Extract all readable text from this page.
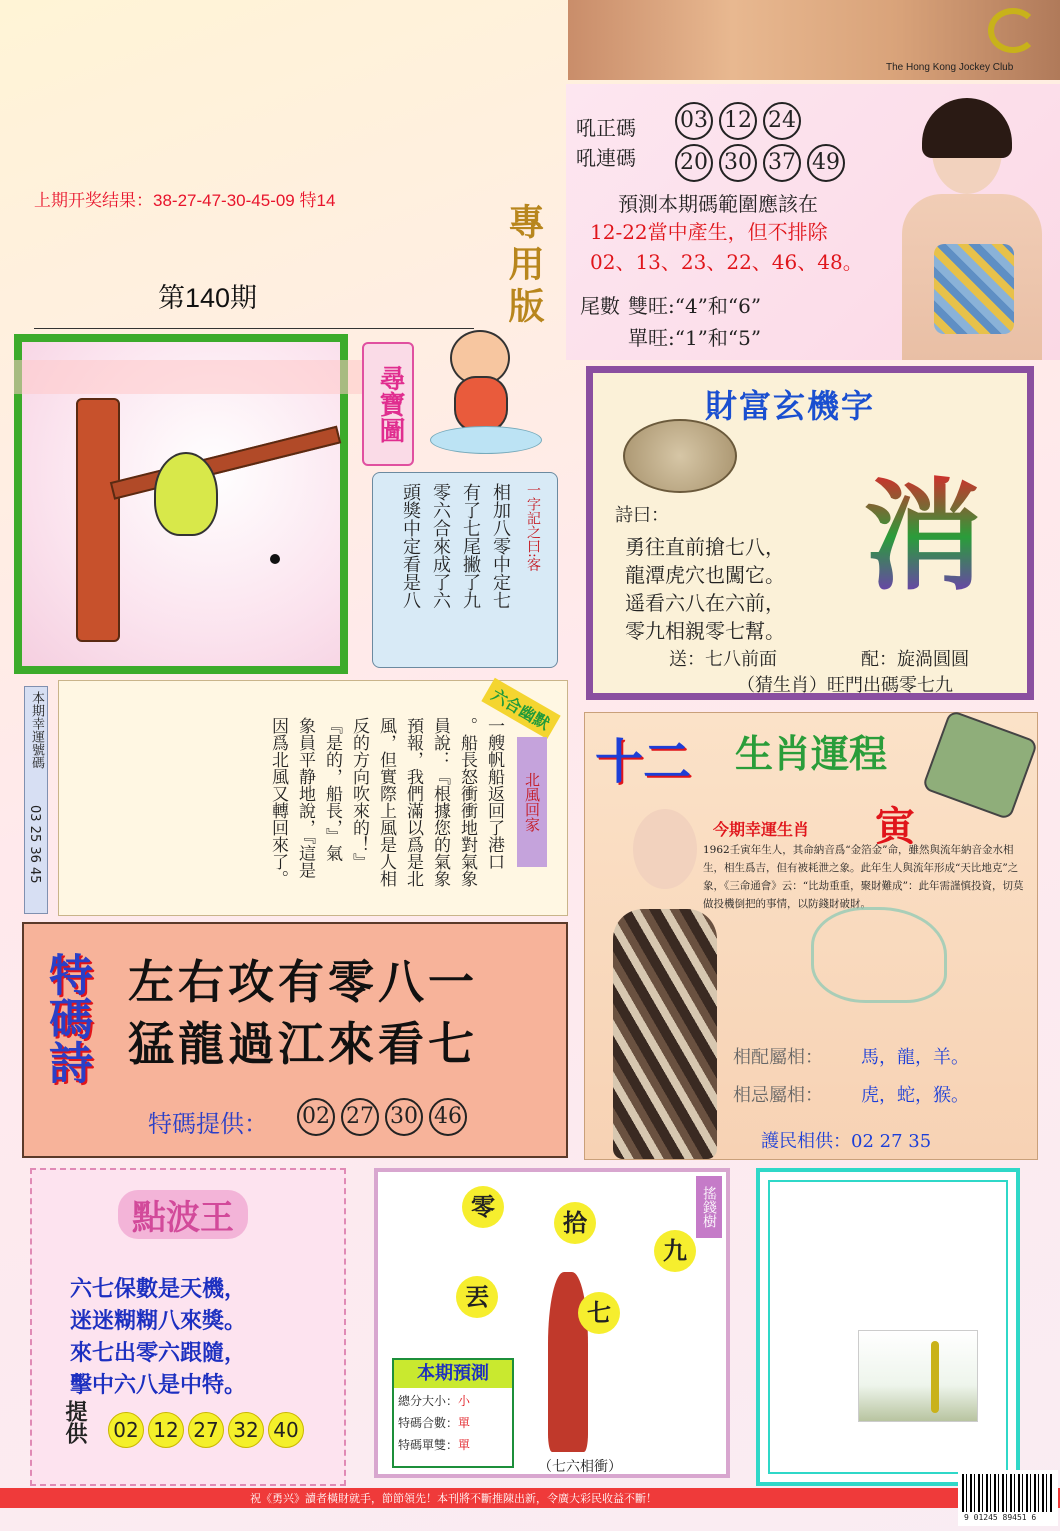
The Hong Kong Jockey Club
上期开奖结果：38-27-47-30-45-09 特14
第140期	專用版
吼正碼	03 12 24
吼連碼	20 30 37 49
預測本期碼範圍應該在
12-22當中產生，但不排除
02、13、23、22、46、48。
尾數 雙旺:“4”和“6”
單旺:“1”和“5”
尋寶圖
一字記之曰:客
相加八零中定七
有了七尾撇了九
零六合來成了六
頭獎中定看是八
財富玄機字
詩曰：
勇往直前搶七八，
龍潭虎穴也闖它。
遥看六八在六前，
零九相親零七幫。
消
送：七八前面	配：旋渦圓圓
（猜生肖）旺門出碼零七九
本期幸運號碼
03 25 36 45
六合幽默
北風回家
一艘帆船返回了港口
。船長怒衝衝地對氣象
員說：『根據您的氣象
預報，我們滿以爲是北
風，但實際上風是人相
反的方向吹來的！』
『是的，船長，』氣
象員平静地說，『這是
因爲北風又轉回來了。
特碼詩 左右攻有零八一
猛龍過江來看七
特碼提供：	02 27 30 46
十二 生肖運程
今期幸運生肖 寅
1962壬寅年生人，其命納音爲“金箔金”命，雖然與流年納音金水相生，相生爲吉，但有被耗泄之象。此年生人與流年形成“天比地克”之象，《三命通會》云：“比劫重重，聚財難成”：此年需謹慎投資，切莫做投機倒把的事情，以防錢財破財。
相配屬相： 馬，龍，羊。
相忌屬相： 虎，蛇，猴。
護民相供：02 27 35
點波王
六七保數是天機，
迷迷糊糊八來獎。
來七出零六跟隨，
擊中六八是中特。
提供	02 12 27 32 40
搖錢樹
零
拾
九
丟
七
（七六相衝）
本期預測
總分大小：小
特碼合數：單
特碼單雙：單
祝《勇兴》讀者橫財就手，節節領先！本刊將不斷推陳出新，令廣大彩民收益不斷！
9 01245 89451 6
